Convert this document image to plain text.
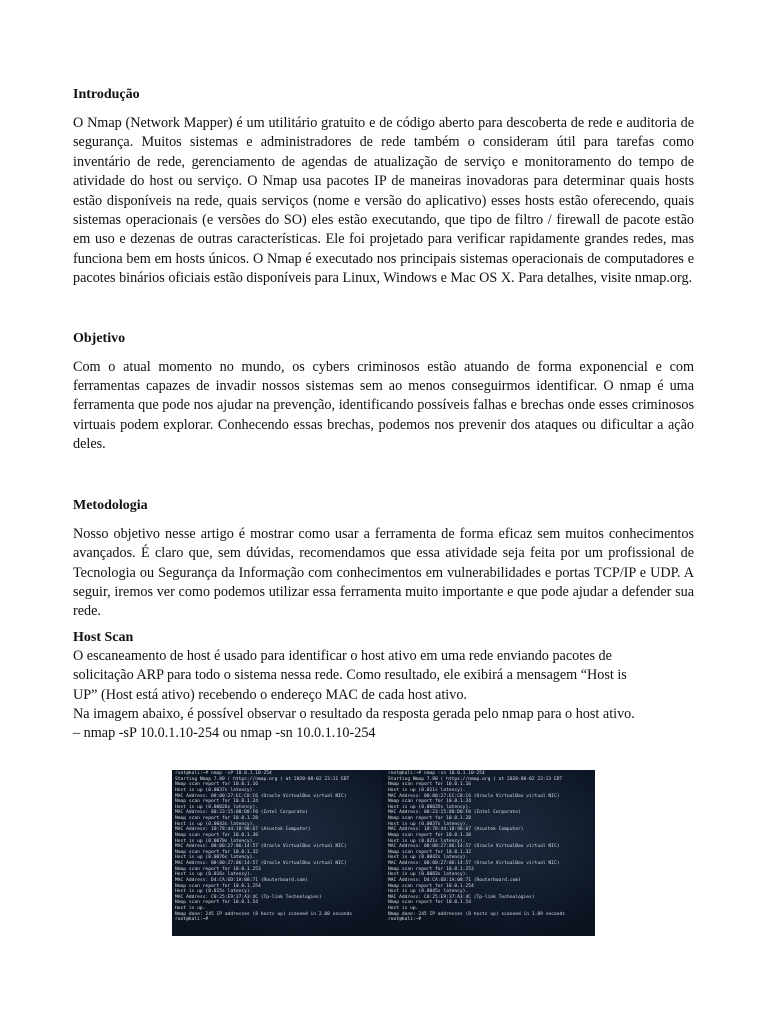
Introdução

O Nmap (Network Mapper) é um utilitário gratuito e de código aberto para descoberta de rede e auditoria de segurança. Muitos sistemas e administradores de rede também o consideram útil para tarefas como inventário de rede, gerenciamento de agendas de atualização de serviço e monitoramento do tempo de atividade do host ou serviço. O Nmap usa pacotes IP de maneiras inovadoras para determinar quais hosts estão disponíveis na rede, quais serviços (nome e versão do aplicativo) esses hosts estão oferecendo, quais sistemas operacionais (e versões do SO) eles estão executando, que tipo de filtro / firewall de pacote estão em uso e dezenas de outras características. Ele foi projetado para verificar rapidamente grandes redes, mas funciona bem em hosts únicos. O Nmap é executado nos principais sistemas operacionais de computadores e pacotes binários oficiais estão disponíveis para Linux, Windows e Mac OS X. Para detalhes, visite nmap.org.

Objetivo

Com o atual momento no mundo, os cybers criminosos estão atuando de forma exponencial e com ferramentas capazes de invadir nossos sistemas sem ao menos conseguirmos identificar. O nmap é uma ferramenta que pode nos ajudar na prevenção, identificando possíveis falhas e brechas onde esses criminosos virtuais podem explorar. Conhecendo essas brechas, podemos nos prevenir dos ataques ou dificultar a ação deles.

Metodologia

Nosso objetivo nesse artigo é mostrar como usar a ferramenta de forma eficaz sem muitos conhecimentos avançados. É claro que, sem dúvidas, recomendamos que essa atividade seja feita por um profissional de Tecnologia ou Segurança da Informação com conhecimentos em vulnerabilidades e portas TCP/IP e UDP. A seguir, iremos ver como podemos utilizar essa ferramenta muito importante e que pode ajudar a defender sua rede.

Host Scan

O escaneamento de host é usado para identificar o host ativo em uma rede enviando pacotes de

solicitação ARP para todo o sistema nessa rede. Como resultado, ele exibirá a mensagem “Host is

UP” (Host está ativo) recebendo o endereço MAC de cada host ativo.

Na imagem abaixo, é possível observar o resultado da resposta gerada pelo nmap para o host ativo.

– nmap -sP 10.0.1.10-254 ou nmap -sn 10.0.1.10-254

root@kali:~# nmap -sP 10.0.1.10-254
Starting Nmap 7.80 ( https://nmap.org ) at 2020-08-02 23:11 EDT
Nmap scan report for 10.0.1.16
Host is up (0.0037s latency).
MAC Address: 08:00:27:EC:C8:C6 (Oracle VirtualBox virtual NIC)
Nmap scan report for 10.0.1.24
Host is up (0.00026s latency).
MAC Address: 00:23:15:08:D0:F0 (Intel Corporate)
Nmap scan report for 10.0.1.28
Host is up (0.0043s latency).
MAC Address: 10:78:44:18:98:67 (Asustek Computer)
Nmap scan report for 10.0.1.30
Host is up (0.0070s latency).
MAC Address: 08:00:27:06:14:57 (Oracle VirtualBox virtual NIC)
Nmap scan report for 10.0.1.32
Host is up (0.0076s latency).
MAC Address: 08:00:27:06:14:57 (Oracle VirtualBox virtual NIC)
Nmap scan report for 10.0.1.253
Host is up (0.016s latency).
MAC Address: D4:CA:6D:1A:08:71 (Routerboard.com)
Nmap scan report for 10.0.1.254
Host is up (0.015s latency).
MAC Address: C0:25:E9:37:A3:4C (Tp-link Technologies)
Nmap scan report for 10.0.1.54
Host is up.
Nmap done: 245 IP addresses (8 hosts up) scanned in 2.08 seconds
root@kali:~#
root@kali:~# nmap -sn 10.0.1.10-254
Starting Nmap 7.80 ( https://nmap.org ) at 2020-08-02 23:13 EDT
Nmap scan report for 10.0.1.16
Host is up (0.011s latency).
MAC Address: 08:00:27:EC:C8:C6 (Oracle VirtualBox virtual NIC)
Nmap scan report for 10.0.1.24
Host is up (0.00035s latency).
MAC Address: 00:23:15:08:D0:F0 (Intel Corporate)
Nmap scan report for 10.0.1.28
Host is up (0.0037s latency).
MAC Address: 10:78:44:18:98:67 (Asustek Computer)
Nmap scan report for 10.0.1.30
Host is up (0.021s latency).
MAC Address: 08:00:27:06:14:57 (Oracle VirtualBox virtual NIC)
Nmap scan report for 10.0.1.32
Host is up (0.0042s latency).
MAC Address: 08:00:27:06:14:57 (Oracle VirtualBox virtual NIC)
Nmap scan report for 10.0.1.253
Host is up (0.0083s latency).
MAC Address: D4:CA:6D:1A:08:71 (Routerboard.com)
Nmap scan report for 10.0.1.254
Host is up (0.0045s latency).
MAC Address: C0:25:E9:37:A3:4C (Tp-link Technologies)
Nmap scan report for 10.0.1.54
Host is up.
Nmap done: 245 IP addresses (8 hosts up) scanned in 1.89 seconds
root@kali:~#
